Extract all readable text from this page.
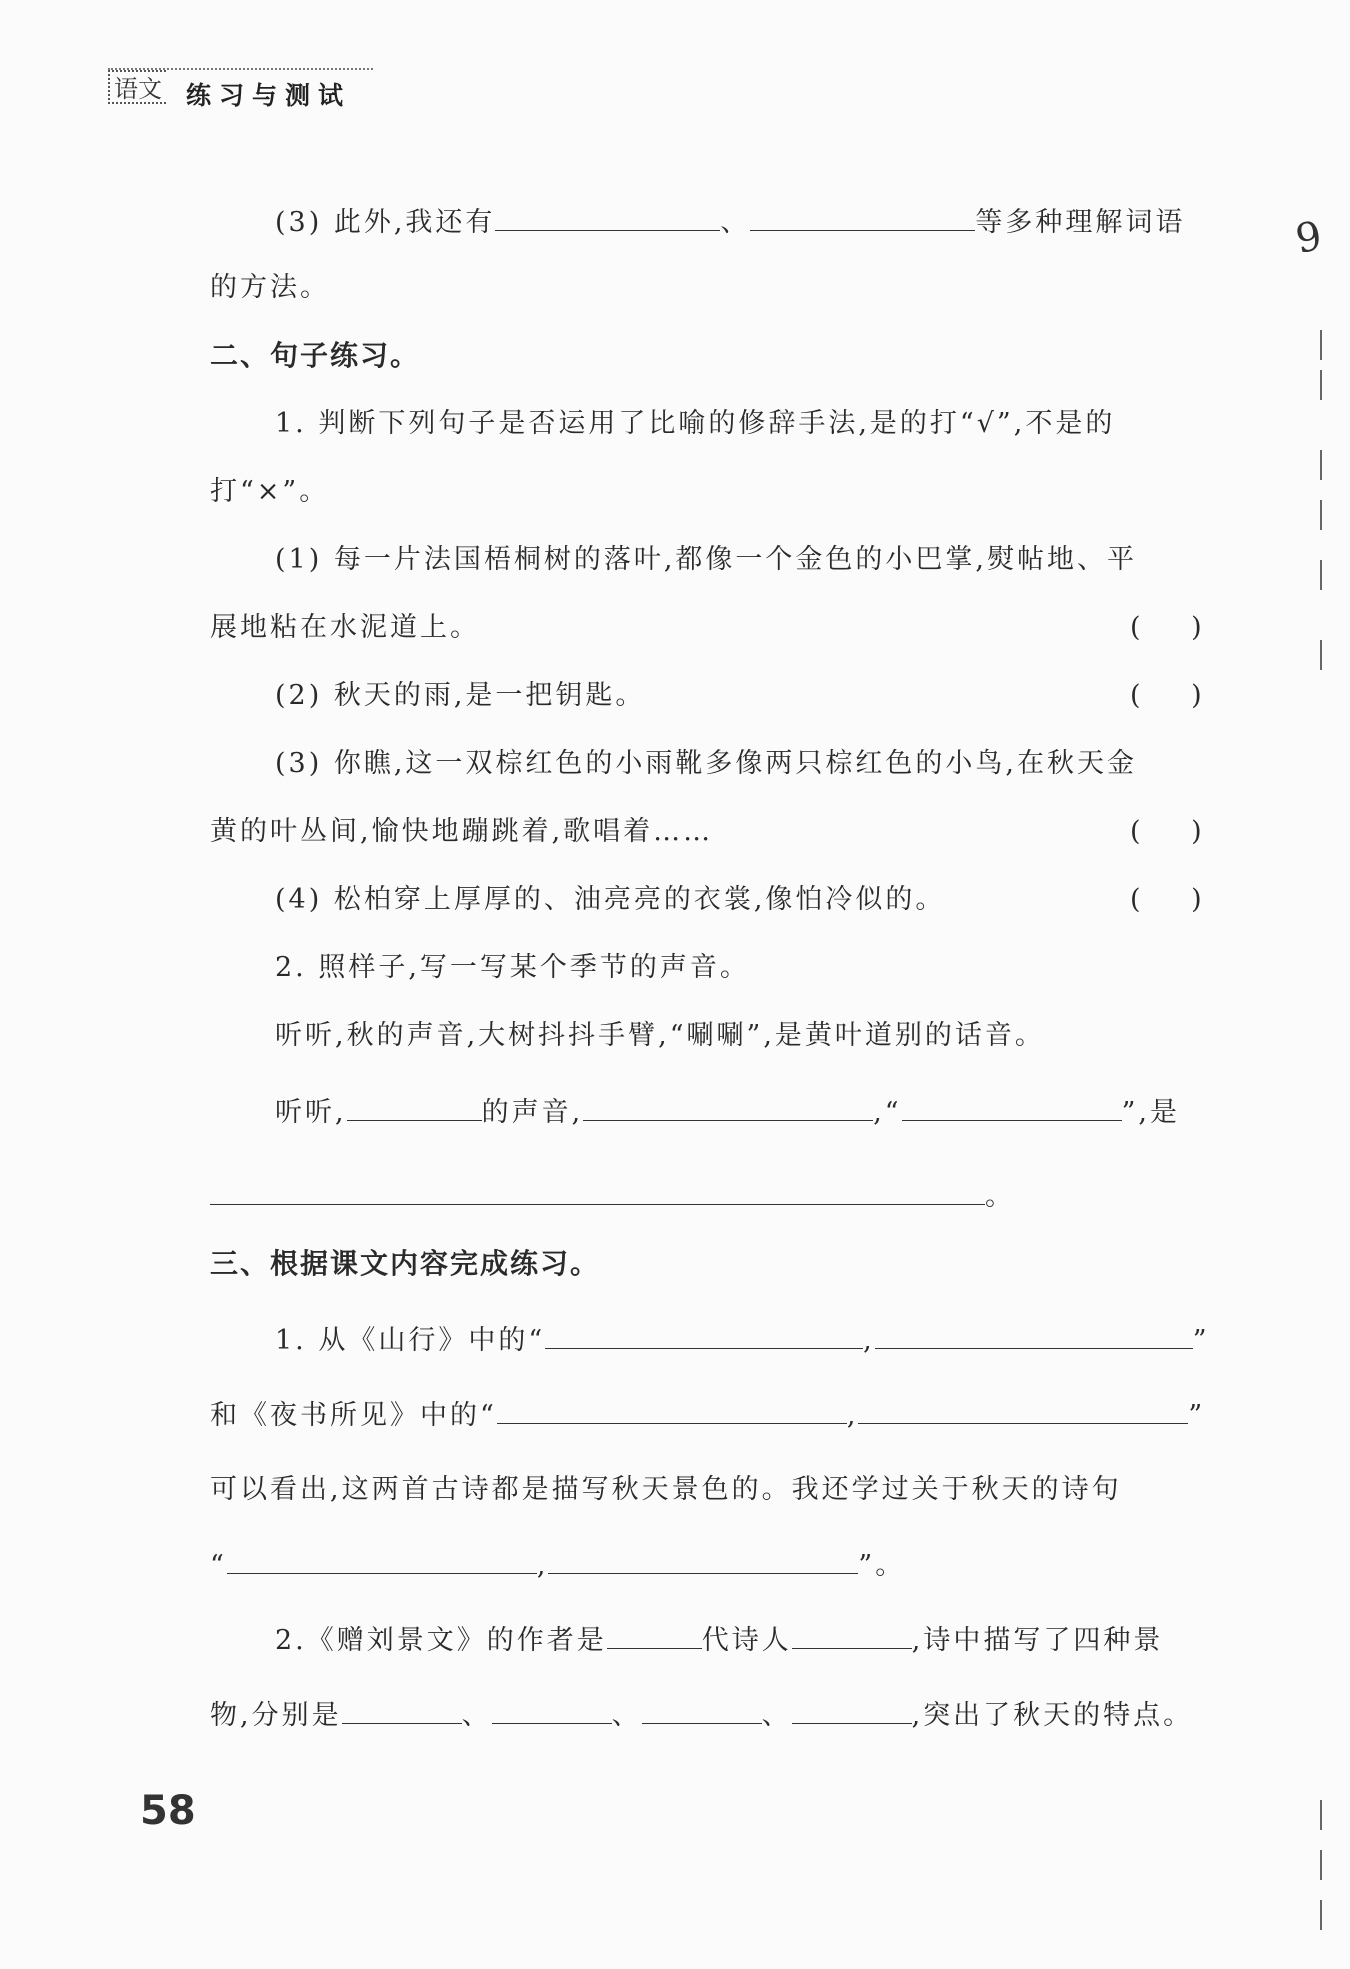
语文 练习与测试
9
(3) 此外,我还有	、	等多种理解词语
的方法。
二、句子练习。
1. 判断下列句子是否运用了比喻的修辞手法,是的打“√”,不是的
打“×”。
(1) 每一片法国梧桐树的落叶,都像一个金色的小巴掌,熨帖地、平
展地粘在水泥道上。	( )
(2) 秋天的雨,是一把钥匙。	( )
(3) 你瞧,这一双棕红色的小雨靴多像两只棕红色的小鸟,在秋天金
黄的叶丛间,愉快地蹦跳着,歌唱着……	( )
(4) 松柏穿上厚厚的、油亮亮的衣裳,像怕冷似的。	( )
2. 照样子,写一写某个季节的声音。
听听,秋的声音,大树抖抖手臂,“唰唰”,是黄叶道别的话音。
听听,	的声音,	,“	”,是
。
三、根据课文内容完成练习。
1. 从《山行》中的“	,	”
和《夜书所见》中的“	,	”
可以看出,这两首古诗都是描写秋天景色的。我还学过关于秋天的诗句
“	,	”。
2.《赠刘景文》的作者是	代诗人	,诗中描写了四种景
物,分别是	、	、	、	,突出了秋天的特点。
58
